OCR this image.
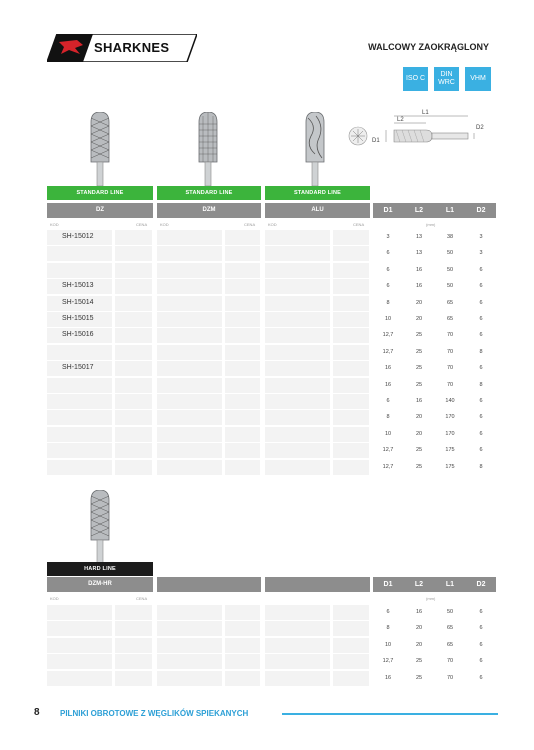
SHARKNES	WALCOWY ZAOKRĄGLONY
ISO C
DIN WRC
VHM
L1
L2
D1
D2
STANDARD LINE	STANDARD LINE	STANDARD LINE
DZ	DZM	ALU	D1	L2	L1	D2
KOD	CENA	KOD	CENA	KOD	CENA	(mm)
SH-15012	3	13	38	3
6	13	50	3
6	16	50	6
SH-15013	6	16	50	6
SH-15014	8	20	65	6
SH-15015	10	20	65	6
SH-15016	12,7	25	70	6
12,7	25	70	8
SH-15017	16	25	70	6
16	25	70	8
6	16	140	6
8	20	170	6
10	20	170	6
12,7	25	175	6
12,7	25	175	8
HARD LINE
DZM-HR	D1	L2	L1	D2
KOD	CENA	(mm)
6	16	50	6
8	20	65	6
10	20	65	6
12,7	25	70	6
16	25	70	6
8	PILNIKI OBROTOWE Z WĘGLIKÓW SPIEKANYCH
